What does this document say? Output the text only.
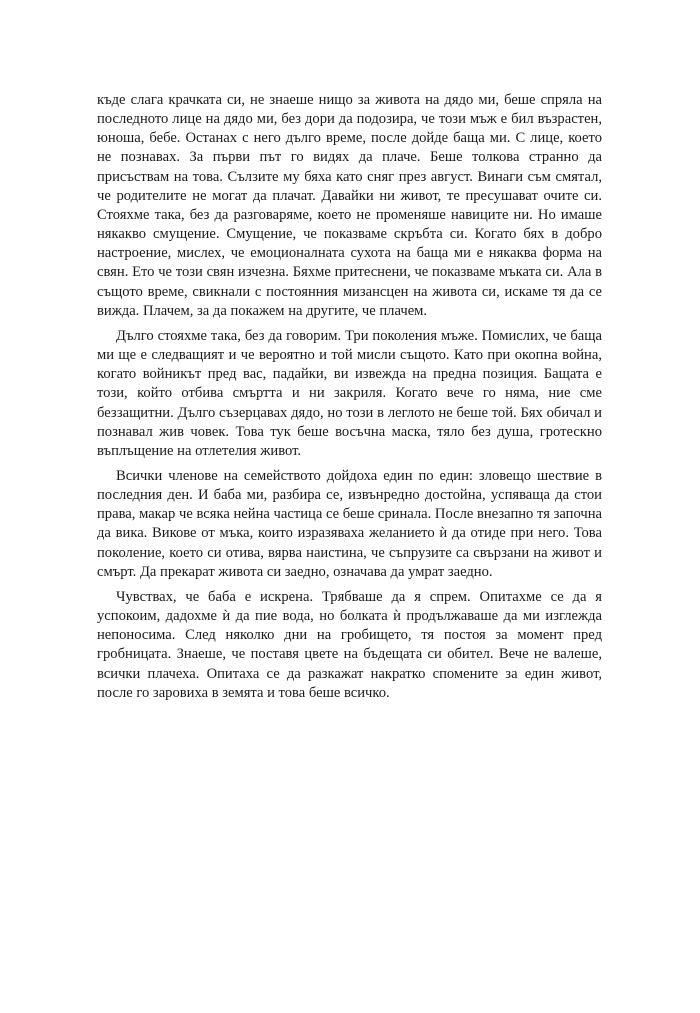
къде слага крачката си, не знаеше нищо за живота на дядо ми, беше спряла на последното лице на дядо ми, без дори да подозира, че този мъж е бил възрастен, юноша, бебе. Останах с него дълго време, после дойде баща ми. С лице, което не познавах. За първи път го видях да плаче. Беше толкова странно да присъствам на това. Сълзите му бяха като сняг през август. Винаги съм смятал, че родителите не могат да плачат. Давайки ни живот, те пресушават очите си. Стояхме така, без да разговаряме, което не променяше навиците ни. Но имаше някакво смущение. Смущение, че показваме скръбта си. Когато бях в добро настроение, мислех, че емоционалната сухота на баща ми е някаква форма на свян. Ето че този свян изчезна. Бяхме притеснени, че показваме мъката си. Ала в същото време, свикнали с постоянния мизансцен на живота си, искаме тя да се вижда. Плачем, за да покажем на другите, че плачем.

Дълго стояхме така, без да говорим. Три поколения мъже. Помислих, че баща ми ще е следващият и че вероятно и той мисли същото. Като при окопна война, когато войникът пред вас, падайки, ви извежда на предна позиция. Бащата е този, който отбива смъртта и ни закриля. Когато вече го няма, ние сме беззащитни. Дълго съзерцавах дядо, но този в леглото не беше той. Бях обичал и познавал жив човек. Това тук беше восъчна маска, тяло без душа, гротескно въплъщение на отлетелия живот.

Всички членове на семейството дойдоха един по един: зловещо шествие в последния ден. И баба ми, разбира се, извънредно достойна, успяваща да стои права, макар че всяка нейна частица се беше сринала. После внезапно тя започна да вика. Викове от мъка, които изразяваха желанието ѝ да отиде при него. Това поколение, което си отива, вярва наистина, че съпрузите са свързани на живот и смърт. Да прекарат живота си заедно, означава да умрат заедно.

Чувствах, че баба е искрена. Трябваше да я спрем. Опитахме се да я успокоим, дадохме ѝ да пие вода, но болката ѝ продължаваше да ми изглежда непоносима. След няколко дни на гробището, тя постоя за момент пред гробницата. Знаеше, че поставя цвете на бъдещата си обител. Вече не валеше, всички плачеха. Опитаха се да разкажат накратко спомените за един живот, после го заровиха в земята и това беше всичко.
